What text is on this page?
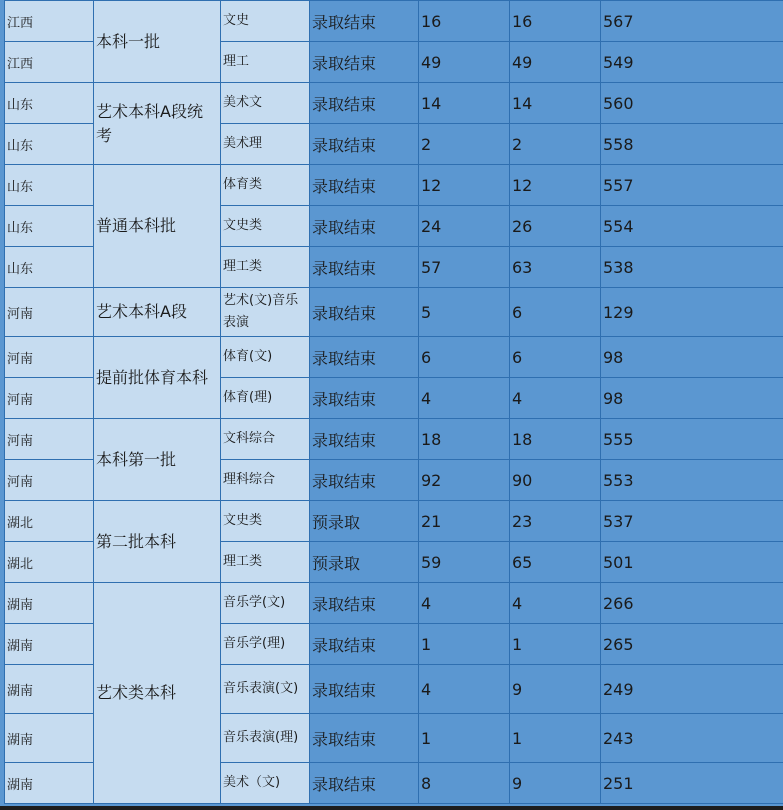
江西	本科一批	文史	录取结束	16	16	567
江西		理工	录取结束	49	49	549
山东	艺术本科A段统考	美术文	录取结束	14	14	560
山东		美术理	录取结束	2	2	558
山东	普通本科批	体育类	录取结束	12	12	557
山东		文史类	录取结束	24	26	554
山东		理工类	录取结束	57	63	538
河南	艺术本科A段	艺术(文)音乐表演	录取结束	5	6	129
河南	提前批体育本科	体育(文)	录取结束	6	6	98
河南		体育(理)	录取结束	4	4	98
河南	本科第一批	文科综合	录取结束	18	18	555
河南		理科综合	录取结束	92	90	553
湖北	第二批本科	文史类	预录取	21	23	537
湖北		理工类	预录取	59	65	501
湖南	艺术类本科	音乐学(文)	录取结束	4	4	266
湖南		音乐学(理)	录取结束	1	1	265
湖南		音乐表演(文)	录取结束	4	9	249
湖南		音乐表演(理)	录取结束	1	1	243
湖南		美术（文)	录取结束	8	9	251
